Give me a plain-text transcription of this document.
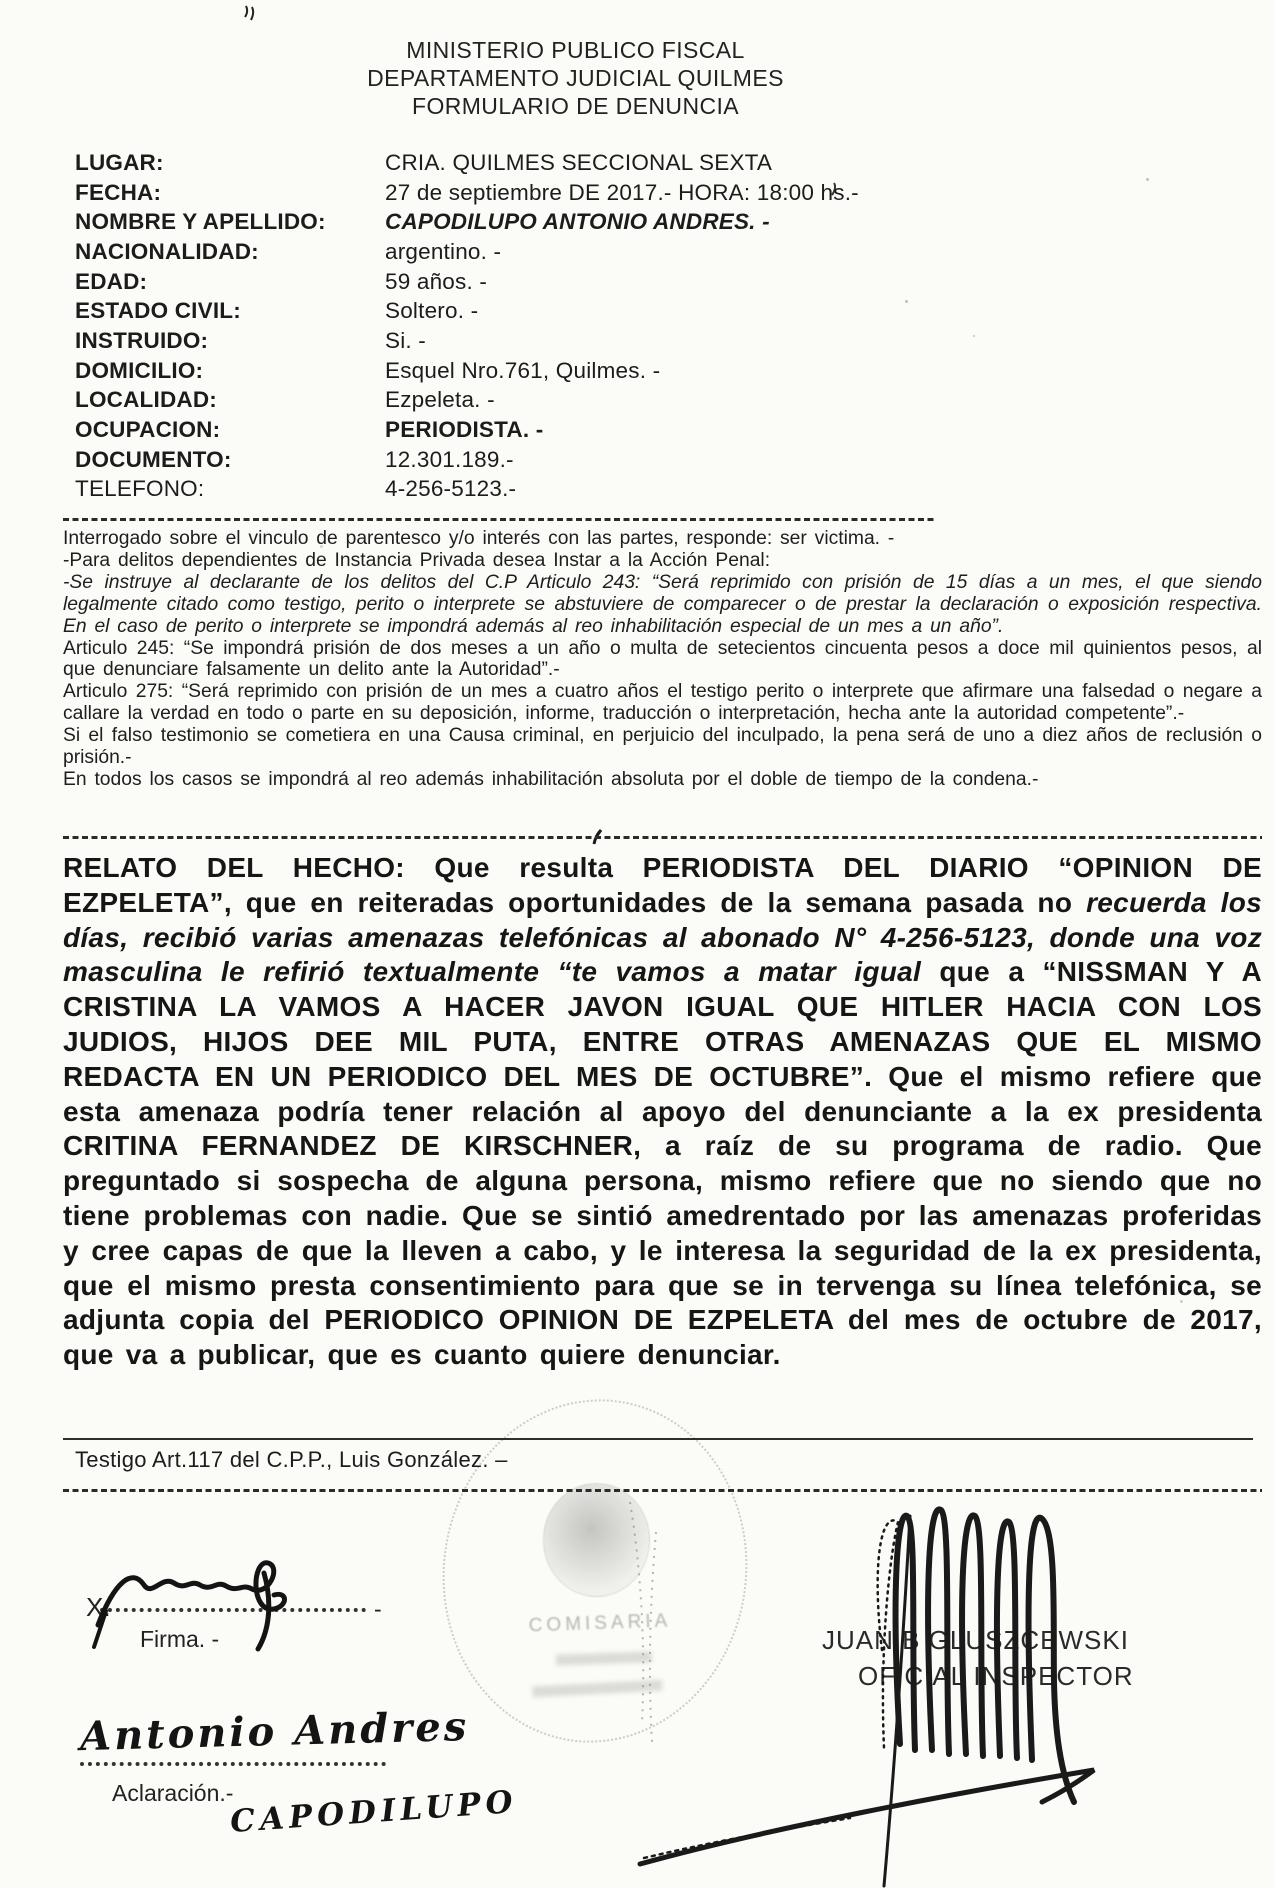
MINISTERIO PUBLICO FISCAL
DEPARTAMENTO JUDICIAL QUILMES
FORMULARIO DE DENUNCIA
LUGAR:	CRIA. QUILMES SECCIONAL SEXTA
FECHA:	27 de septiembre DE 2017.- HORA: 18:00 hs.-
NOMBRE Y APELLIDO:	CAPODILUPO ANTONIO ANDRES. -
NACIONALIDAD:	argentino. -
EDAD:	59 años. -
ESTADO CIVIL:	Soltero. -
INSTRUIDO:	Si. -
DOMICILIO:	Esquel Nro.761, Quilmes. -
LOCALIDAD:	Ezpeleta. -
OCUPACION:	PERIODISTA. -
DOCUMENTO:	12.301.189.-
TELEFONO:	4-256-5123.-

Interrogado sobre el vinculo de parentesco y/o interés con las partes, responde: ser victima. -

-Para delitos dependientes de Instancia Privada desea Instar a la Acción Penal:

-Se instruye al declarante de los delitos del C.P Articulo 243: “Será reprimido con prisión de 15 días a un mes, el que siendo legalmente citado como testigo, perito o interprete se abstuviere de comparecer o de prestar la declaración o exposición respectiva. En el caso de perito o interprete se impondrá además al reo inhabilitación especial de un mes a un año”.

Articulo 245: “Se impondrá prisión de dos meses a un año o multa de setecientos cincuenta pesos a doce mil quinientos pesos, al que denunciare falsamente un delito ante la Autoridad”.-

Articulo 275: “Será reprimido con prisión de un mes a cuatro años el testigo perito o interprete que afirmare una falsedad o negare a callare la verdad en todo o parte en su deposición, informe, traducción o interpretación, hecha ante la autoridad competente”.-

Si el falso testimonio se cometiera en una Causa criminal, en perjuicio del inculpado, la pena será de uno a diez años de reclusión o prisión.-

En todos los casos se impondrá al reo además inhabilitación absoluta por el doble de tiempo de la condena.-

RELATO DEL HECHO: Que resulta PERIODISTA DEL DIARIO “OPINION DE EZPELETA”, que en reiteradas oportunidades de la semana pasada no recuerda los días, recibió varias amenazas telefónicas al abonado N° 4-256-5123, donde una voz masculina le refirió textualmente “te vamos a matar igual que a “NISSMAN Y A CRISTINA LA VAMOS A HACER JAVON IGUAL QUE HITLER HACIA CON LOS JUDIOS, HIJOS DEE MIL PUTA, ENTRE OTRAS AMENAZAS QUE EL MISMO REDACTA EN UN PERIODICO DEL MES DE OCTUBRE”. Que el mismo refiere que esta amenaza podría tener relación al apoyo del denunciante a la ex presidenta CRITINA FERNANDEZ DE KIRSCHNER, a raíz de su programa de radio. Que preguntado si sospecha de alguna persona, mismo refiere que no siendo que no tiene problemas con nadie. Que se sintió amedrentado por las amenazas proferidas y cree capas de que la lleven a cabo, y le interesa la seguridad de la ex presidenta, que el mismo presta consentimiento para que se in tervenga su línea telefónica, se adjunta copia del PERIODICO OPINION DE EZPELETA del mes de octubre de 2017, que va a publicar, que es cuanto quiere denunciar.
Testigo Art.117 del C.P.P., Luis González. –
COMISARIA
X.	-
Firma. -
Antonio Andres
Aclaración.-
CAPODILUPO
JUAN B GLUSZCEWSKI
OFICIAL INSPECTOR
